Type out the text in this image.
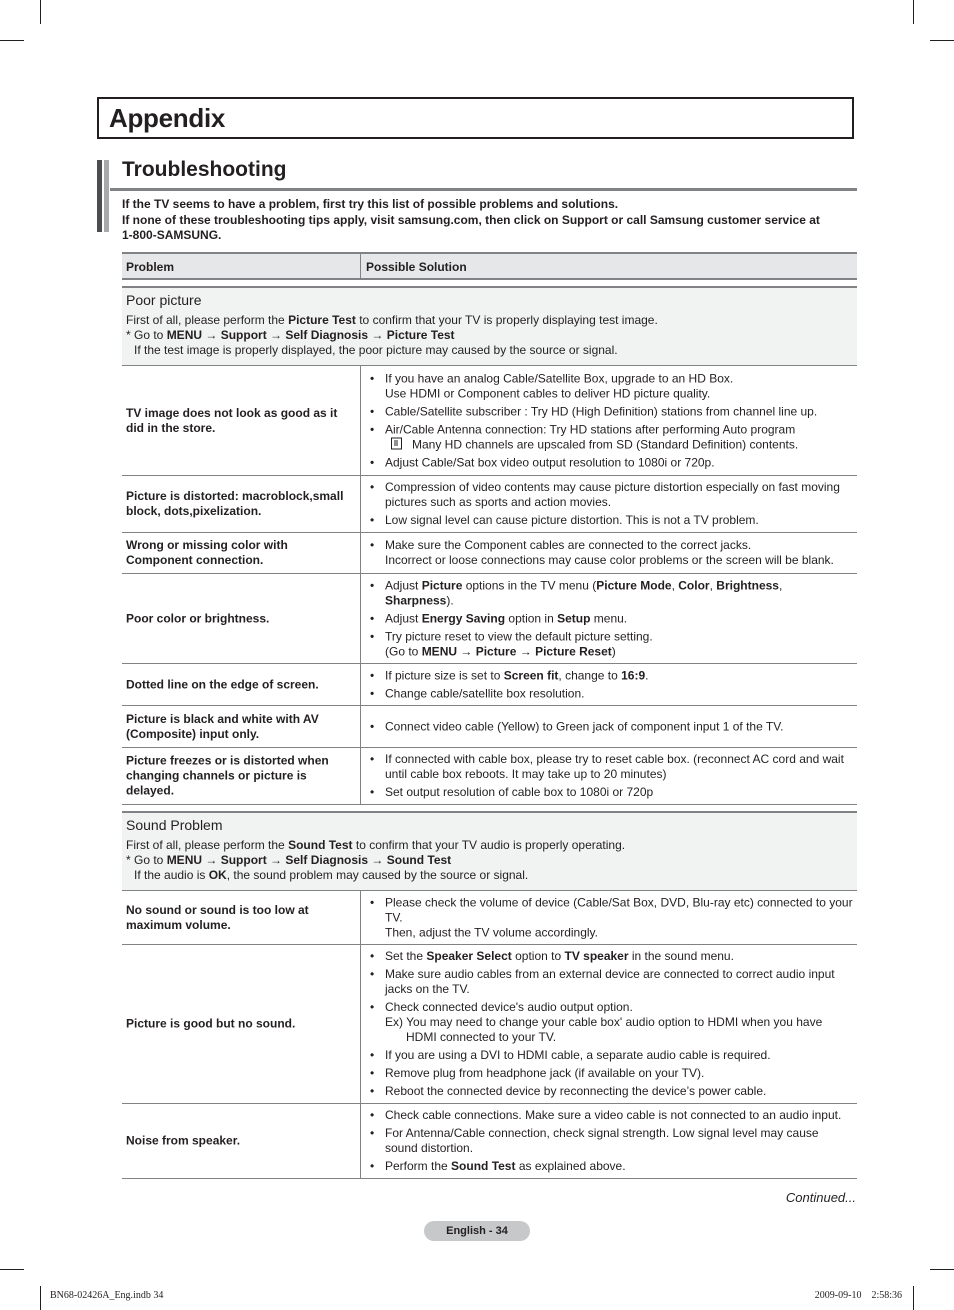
Appendix
Troubleshooting
If the TV seems to have a problem, first try this list of possible problems and solutions.
If none of these troubleshooting tips apply, visit samsung.com, then click on Support or call Samsung customer service at
1-800-SAMSUNG.
Problem	Possible Solution
Poor picture
First of all, please perform the Picture Test to confirm that your TV is properly displaying test image.
* Go to MENU → Support → Self Diagnosis → Picture Test
If the test image is properly displayed, the poor picture may caused by the source or signal.
TV image does not look as good as it did in the store.
• If you have an analog Cable/Satellite Box, upgrade to an HD Box.
Use HDMI or Component cables to deliver HD picture quality.
• Cable/Satellite subscriber : Try HD (High Definition) stations from channel line up.
• Air/Cable Antenna connection: Try HD stations after performing Auto program
Many HD channels are upscaled from SD (Standard Definition) contents.
• Adjust Cable/Sat box video output resolution to 1080i or 720p.
Picture is distorted: macroblock,small block, dots,pixelization.
• Compression of video contents may cause picture distortion especially on fast moving pictures such as sports and action movies.
• Low signal level can cause picture distortion. This is not a TV problem.
Wrong or missing color with Component connection.
• Make sure the Component cables are connected to the correct jacks.
Incorrect or loose connections may cause color problems or the screen will be blank.
Poor color or brightness.
• Adjust Picture options in the TV menu (Picture Mode, Color, Brightness, Sharpness).
• Adjust Energy Saving option in Setup menu.
• Try picture reset to view the default picture setting.
(Go to MENU → Picture → Picture Reset)
Dotted line on the edge of screen.
• If picture size is set to Screen fit, change to 16:9.
• Change cable/satellite box resolution.
Picture is black and white with AV (Composite) input only.
• Connect video cable (Yellow) to Green jack of component input 1 of the TV.
Picture freezes or is distorted when changing channels or picture is delayed.
• If connected with cable box, please try to reset cable box. (reconnect AC cord and wait until cable box reboots. It may take up to 20 minutes)
• Set output resolution of cable box to 1080i or 720p
Sound Problem
First of all, please perform the Sound Test to confirm that your TV audio is properly operating.
* Go to MENU → Support → Self Diagnosis → Sound Test
If the audio is OK, the sound problem may caused by the source or signal.
No sound or sound is too low at maximum volume.
• Please check the volume of device (Cable/Sat Box, DVD, Blu-ray etc) connected to your TV.
Then, adjust the TV volume accordingly.
Picture is good but no sound.
• Set the Speaker Select option to TV speaker in the sound menu.
• Make sure audio cables from an external device are connected to correct audio input jacks on the TV.
• Check connected device's audio output option.
Ex) You may need to change your cable box' audio option to HDMI when you have
HDMI connected to your TV.
• If you are using a DVI to HDMI cable, a separate audio cable is required.
• Remove plug from headphone jack (if available on your TV).
• Reboot the connected device by reconnecting the device’s power cable.
Noise from speaker.
• Check cable connections. Make sure a video cable is not connected to an audio input.
• For Antenna/Cable connection, check signal strength. Low signal level may cause sound distortion.
• Perform the Sound Test as explained above.
Continued...
English - 34
BN68-02426A_Eng.indb 34	2009-09-10    2:58:36
